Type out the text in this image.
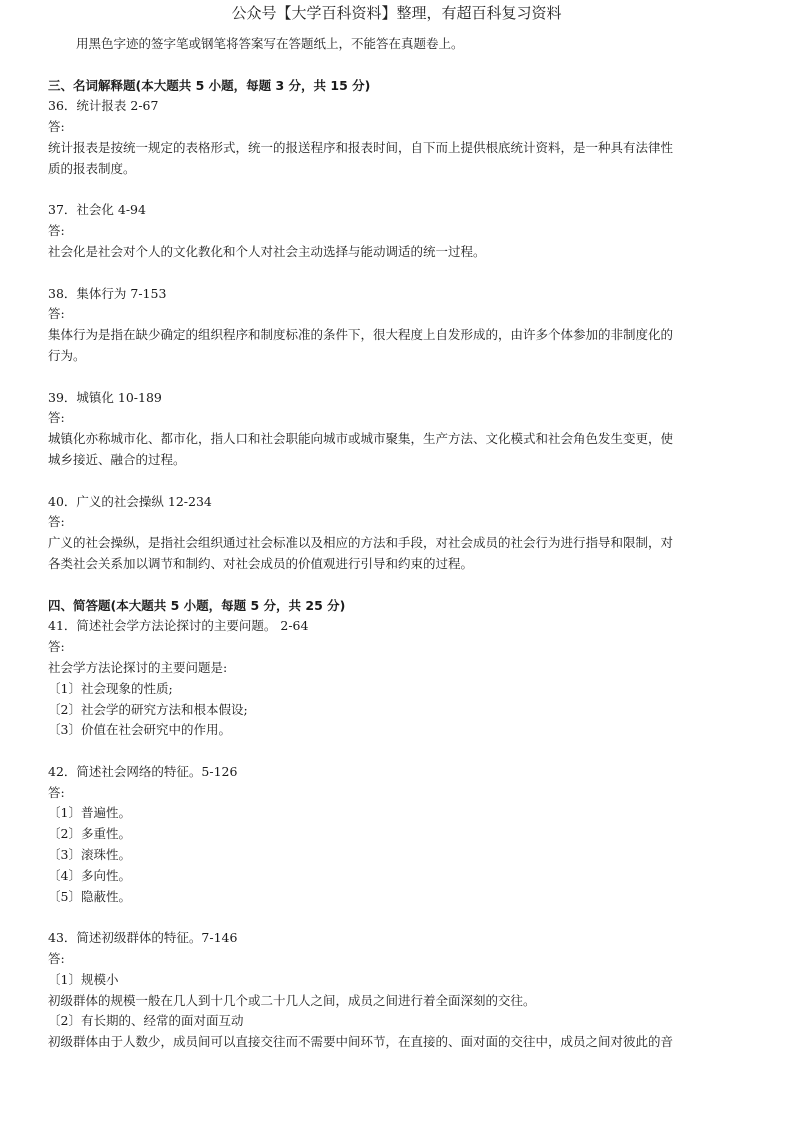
公众号【大学百科资料】整理，有超百科复习资料
用黑色字迹的签字笔或钢笔将答案写在答题纸上，不能答在真题卷上。
三、名词解释题(本大题共 5 小题，每题 3 分，共 15 分)
36．统计报表 2-67
答:
统计报表是按统一规定的表格形式，统一的报送程序和报表时间，自下而上提供根底统计资料，是一种具有法律性
质的报表制度。
37．社会化 4-94
答:
社会化是社会对个人的文化教化和个人对社会主动选择与能动调适的统一过程。
38．集体行为 7-153
答:
集体行为是指在缺少确定的组织程序和制度标准的条件下，很大程度上自发形成的，由许多个体参加的非制度化的
行为。
39．城镇化 10-189
答:
城镇化亦称城市化、都市化，指人口和社会职能向城市或城市聚集，生产方法、文化模式和社会角色发生变更，使
城乡接近、融合的过程。
40．广义的社会操纵 12-234
答:
广义的社会操纵，是指社会组织通过社会标准以及相应的方法和手段，对社会成员的社会行为进行指导和限制，对
各类社会关系加以调节和制约、对社会成员的价值观进行引导和约束的过程。
四、简答题(本大题共 5 小题，每题 5 分，共 25 分)
41．简述社会学方法论探讨的主要问题。 2-64
答:
社会学方法论探讨的主要问题是:
〔1〕社会现象的性质;
〔2〕社会学的研究方法和根本假设;
〔3〕价值在社会研究中的作用。
42．简述社会网络的特征。5-126
答:
〔1〕普遍性。
〔2〕多重性。
〔3〕滚珠性。
〔4〕多向性。
〔5〕隐蔽性。
43．简述初级群体的特征。7-146
答:
〔1〕规模小
初级群体的规模一般在几人到十几个或二十几人之间，成员之间进行着全面深刻的交往。
〔2〕有长期的、经常的面对面互动
初级群体由于人数少，成员间可以直接交往而不需要中间环节，在直接的、面对面的交往中，成员之间对彼此的音
